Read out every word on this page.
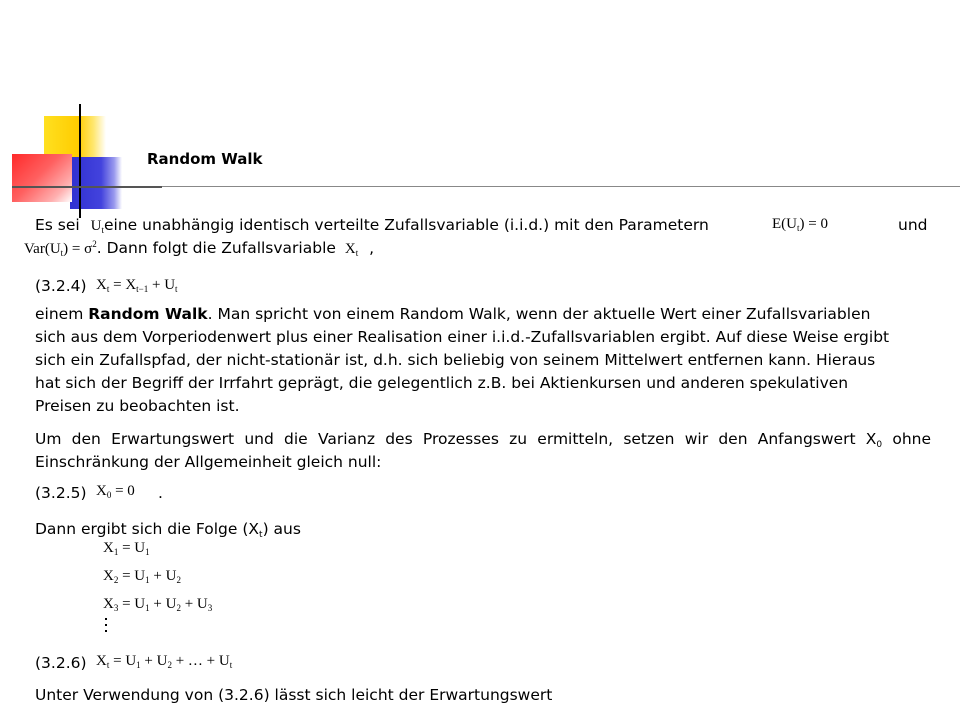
Random Walk
Es sei $U_teine$ unabhängig identisch verteilte Zufallsvariable (i.i.d.) mit den Parametern	$E(U_t) = 0$	und
$Var(U_t) = \sigma^2$. Dann folgt die Zufallsvariable $X_t$ ,
(3.2.4) $X_t = X_{t-1} + U_t$

einem Random Walk. Man spricht von einem Random Walk, wenn der aktuelle Wert einer Zufallsvariablen

sich aus dem Vorperiodenwert plus einer Realisation einer i.i.d.-Zufallsvariablen ergibt. Auf diese Weise ergibt

sich ein Zufallspfad, der nicht-stationär ist, d.h. sich beliebig von seinem Mittelwert entfernen kann. Hieraus

hat sich der Begriff der Irrfahrt geprägt, die gelegentlich z.B. bei Aktienkursen und anderen spekulativen

Preisen zu beobachten ist.

Um den Erwartungswert und die Varianz des Prozesses zu ermitteln, setzen wir den Anfangswert $X_0$ ohne
Einschränkung der Allgemeinheit gleich null:
(3.2.5) $X_0 = 0$ .
Dann ergibt sich die Folge $(X_t)$ aus
$X_1 = U_1$
$X_2 = U_1 + U_2$
$X_3 = U_1 + U_2 + U_3$
(3.2.6) $X_t = U_1 + U_2$ + … + $U_t$
Unter Verwendung von (3.2.6) lässt sich leicht der Erwartungswert
